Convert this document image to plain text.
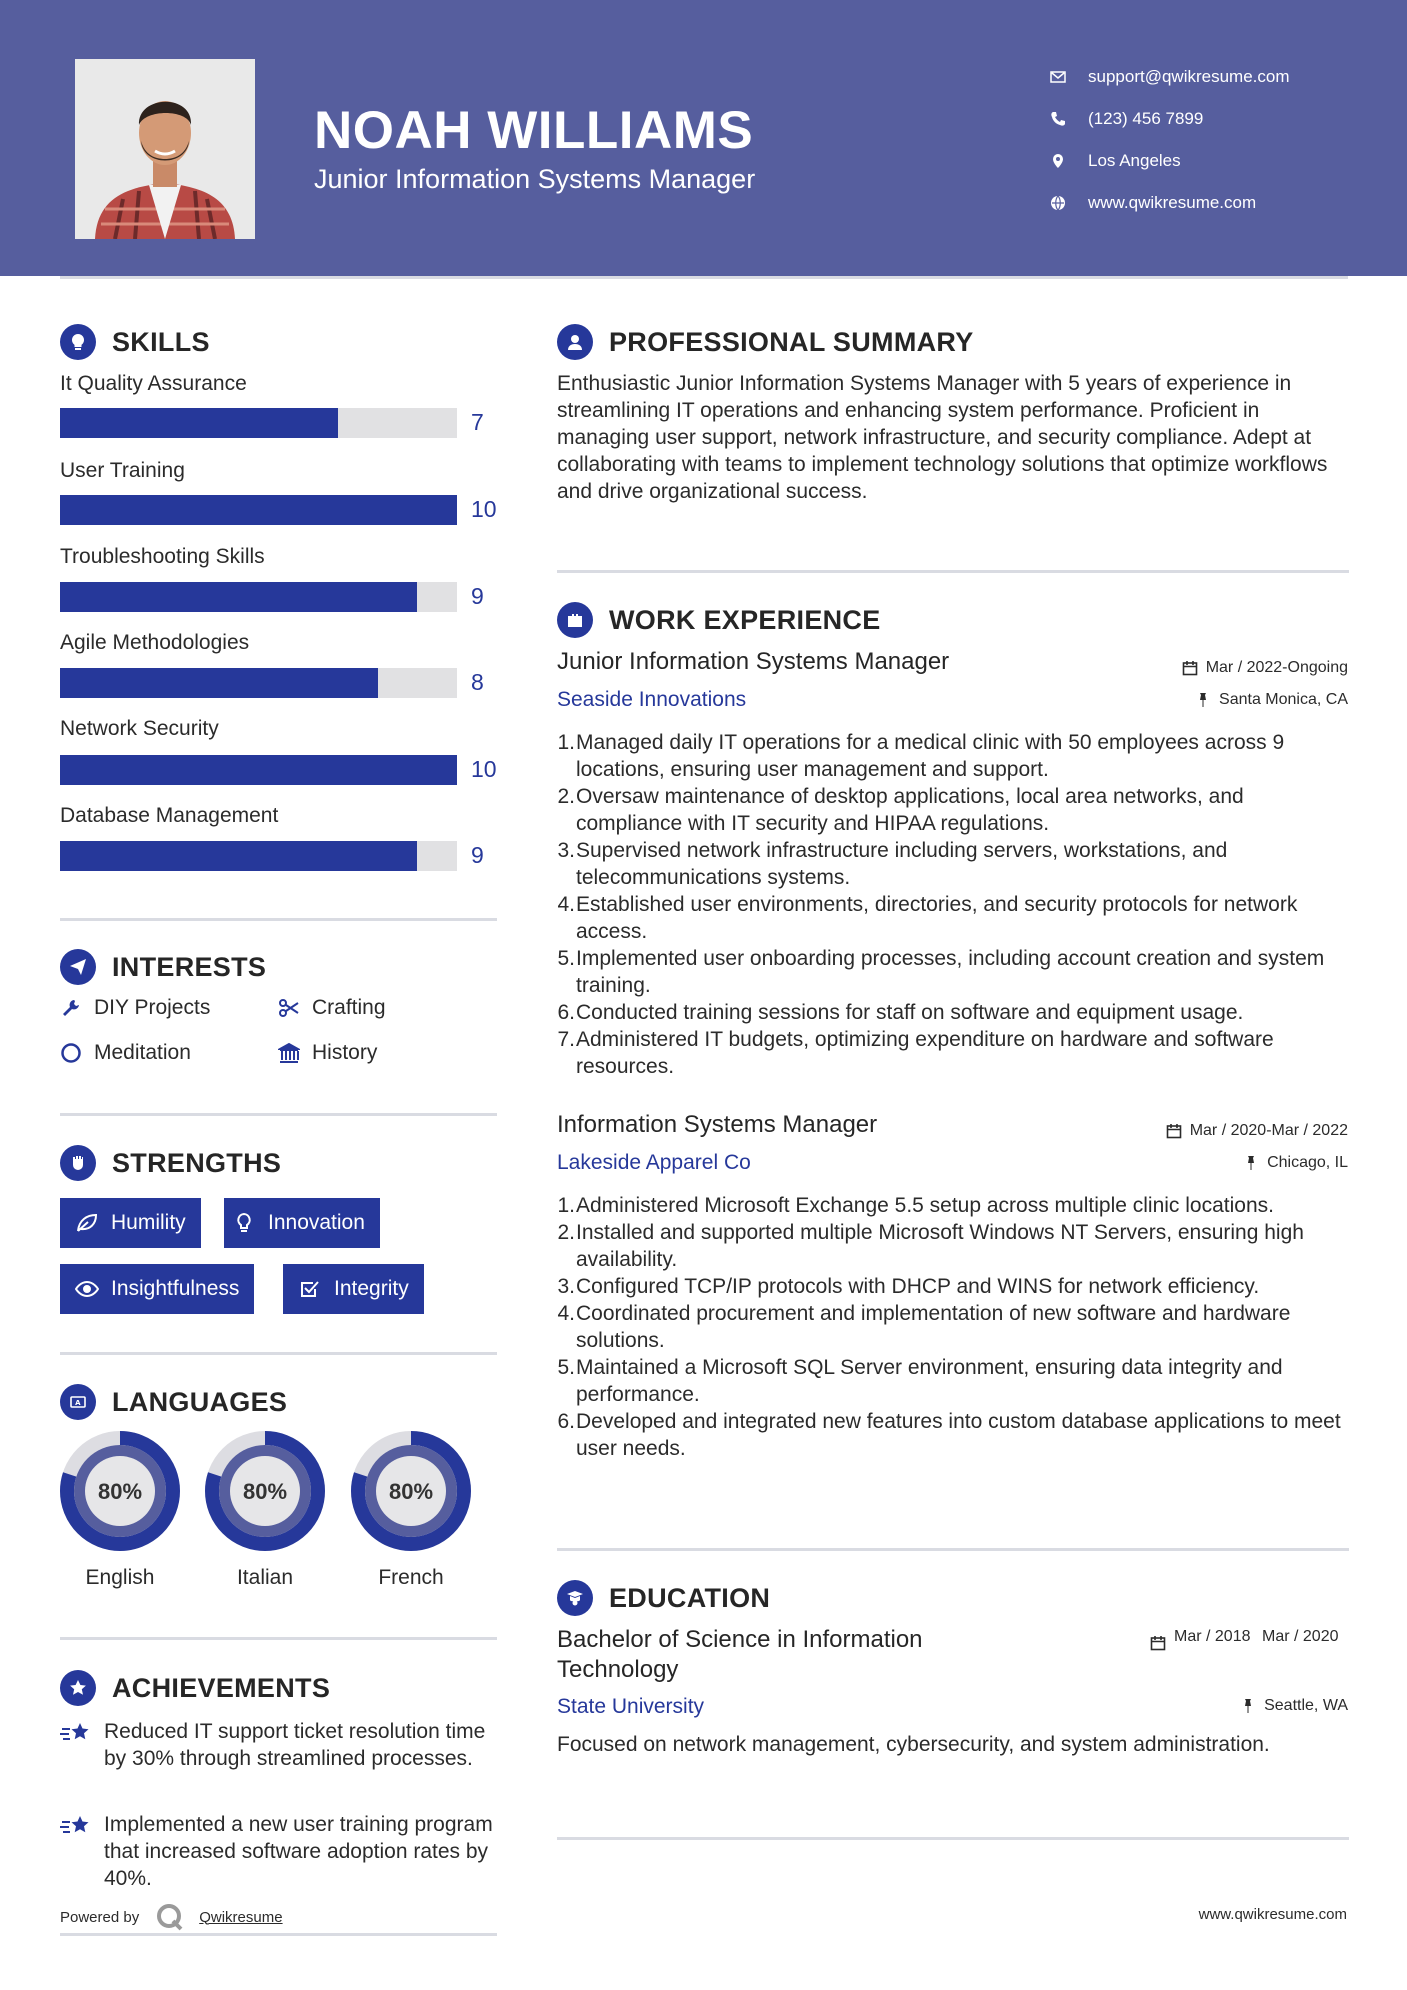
NOAH WILLIAMS
Junior Information Systems Manager
support@qwikresume.com
(123) 456 7899
Los Angeles
www.qwikresume.com
SKILLS
It Quality Assurance
7
User Training
10
Troubleshooting Skills
9
Agile Methodologies
8
Network Security
10
Database Management
9
INTERESTS
DIY Projects	Crafting
Meditation	History
STRENGTHS
Humility	Innovation
Insightfulness	Integrity
A LANGUAGES
80%
English
80%
Italian
80%
French
ACHIEVEMENTS
Reduced IT support ticket resolution time by 30% through streamlined processes.
Implemented a new user training program that increased software adoption rates by 40%.
Powered by	Qwikresume	www.qwikresume.com
PROFESSIONAL SUMMARY
Enthusiastic Junior Information Systems Manager with 5 years of experience in streamlining IT operations and enhancing system performance. Proficient in managing user support, network infrastructure, and security compliance. Adept at collaborating with teams to implement technology solutions that optimize workflows and drive organizational success.
WORK EXPERIENCE
Junior Information Systems Manager	Mar / 2022-Ongoing
Seaside Innovations	Santa Monica, CA
1. Managed daily IT operations for a medical clinic with 50 employees across 9 locations, ensuring user management and support.
2. Oversaw maintenance of desktop applications, local area networks, and compliance with IT security and HIPAA regulations.
3. Supervised network infrastructure including servers, workstations, and telecommunications systems.
4. Established user environments, directories, and security protocols for network access.
5. Implemented user onboarding processes, including account creation and system training.
6. Conducted training sessions for staff on software and equipment usage.
7. Administered IT budgets, optimizing expenditure on hardware and software resources.
Information Systems Manager	Mar / 2020-Mar / 2022
Lakeside Apparel Co	Chicago, IL
1. Administered Microsoft Exchange 5.5 setup across multiple clinic locations.
2. Installed and supported multiple Microsoft Windows NT Servers, ensuring high availability.
3. Configured TCP/IP protocols with DHCP and WINS for network efficiency.
4. Coordinated procurement and implementation of new software and hardware solutions.
5. Maintained a Microsoft SQL Server environment, ensuring data integrity and performance.
6. Developed and integrated new features into custom database applications to meet user needs.
EDUCATION
Bachelor of Science in Information Technology
Mar / 2018 Mar / 2020
State University	Seattle, WA
Focused on network management, cybersecurity, and system administration.
